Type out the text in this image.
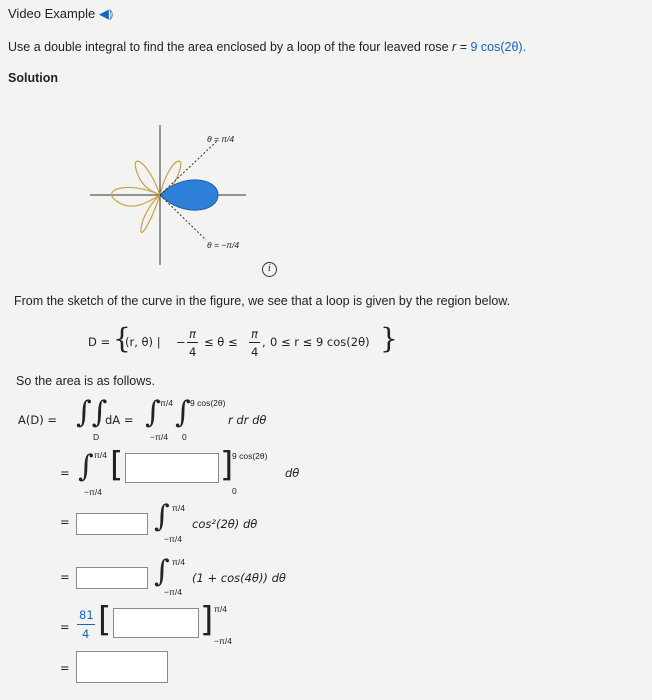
Video Example ◀⦆
Use a double integral to find the area enclosed by a loop of the four leaved rose r = 9 cos(2θ).
Solution
θ = π/4
θ = −π/4
i
From the sketch of the curve in the figure, we see that a loop is given by the region below.
D = {
(r, θ) | −
π
4
≤ θ ≤
π
4
, 0 ≤ r ≤ 9 cos(2θ) }
So the area is as follows.
A(D) = ∫∫
D
dA = ∫ π/4
−π/4
∫ 9 cos(2θ)
0
r dr dθ
= ∫ π/4
−π/4
[	]
9 cos(2θ)
0
dθ
=	∫ π/4
−π/4
cos²(2θ) dθ
=	∫ π/4
−π/4
(1 + cos(4θ)) dθ
=
81
4 [	] π/4
−π/4
=
